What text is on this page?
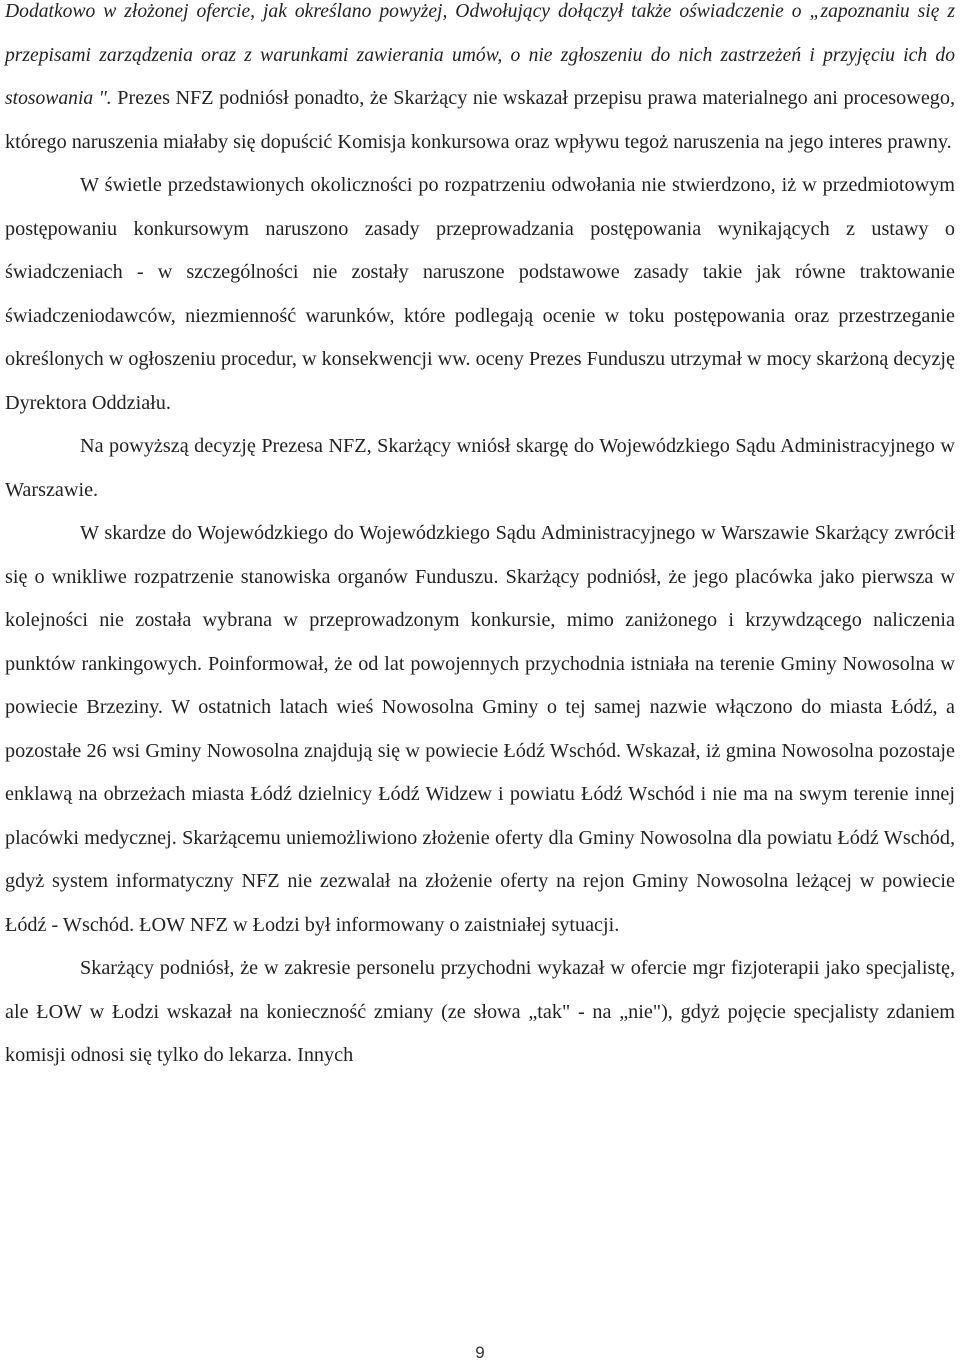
Dodatkowo w złożonej ofercie, jak określano powyżej, Odwołujący dołączył także oświadczenie o „zapoznaniu się z przepisami zarządzenia oraz z warunkami zawierania umów, o nie zgłoszeniu do nich zastrzeżeń i przyjęciu ich do stosowania ". Prezes NFZ podniósł ponadto, że Skarżący nie wskazał przepisu prawa materialnego ani procesowego, którego naruszenia miałaby się dopuścić Komisja konkursowa oraz wpływu tegoż naruszenia na jego interes prawny.

W świetle przedstawionych okoliczności po rozpatrzeniu odwołania nie stwierdzono, iż w przedmiotowym postępowaniu konkursowym naruszono zasady przeprowadzania postępowania wynikających z ustawy o świadczeniach - w szczególności nie zostały naruszone podstawowe zasady takie jak równe traktowanie świadczeniodawców, niezmienność warunków, które podlegają ocenie w toku postępowania oraz przestrzeganie określonych w ogłoszeniu procedur, w konsekwencji ww. oceny Prezes Funduszu utrzymał w mocy skarżoną decyzję Dyrektora Oddziału.

Na powyższą decyzję Prezesa NFZ, Skarżący wniósł skargę do Wojewódzkiego Sądu Administracyjnego w Warszawie.

W skardze do Wojewódzkiego do Wojewódzkiego Sądu Administracyjnego w Warszawie Skarżący zwrócił się o wnikliwe rozpatrzenie stanowiska organów Funduszu. Skarżący podniósł, że jego placówka jako pierwsza w kolejności nie została wybrana w przeprowadzonym konkursie, mimo zaniżonego i krzywdzącego naliczenia punktów rankingowych. Poinformował, że od lat powojennych przychodnia istniała na terenie Gminy Nowosolna w powiecie Brzeziny. W ostatnich latach wieś Nowosolna Gminy o tej samej nazwie włączono do miasta Łódź, a pozostałe 26 wsi Gminy Nowosolna znajdują się w powiecie Łódź Wschód. Wskazał, iż gmina Nowosolna pozostaje enklawą na obrzeżach miasta Łódź dzielnicy Łódź Widzew i powiatu Łódź Wschód i nie ma na swym terenie innej placówki medycznej. Skarżącemu uniemożliwiono złożenie oferty dla Gminy Nowosolna dla powiatu Łódź Wschód, gdyż system informatyczny NFZ nie zezwalał na złożenie oferty na rejon Gminy Nowosolna leżącej w powiecie Łódź - Wschód. ŁOW NFZ w Łodzi był informowany o zaistniałej sytuacji.

Skarżący podniósł, że w zakresie personelu przychodni wykazał w ofercie mgr fizjoterapii jako specjalistę, ale ŁOW w Łodzi wskazał na konieczność zmiany (ze słowa „tak" - na „nie"), gdyż pojęcie specjalisty zdaniem komisji odnosi się tylko do lekarza. Innych

9
